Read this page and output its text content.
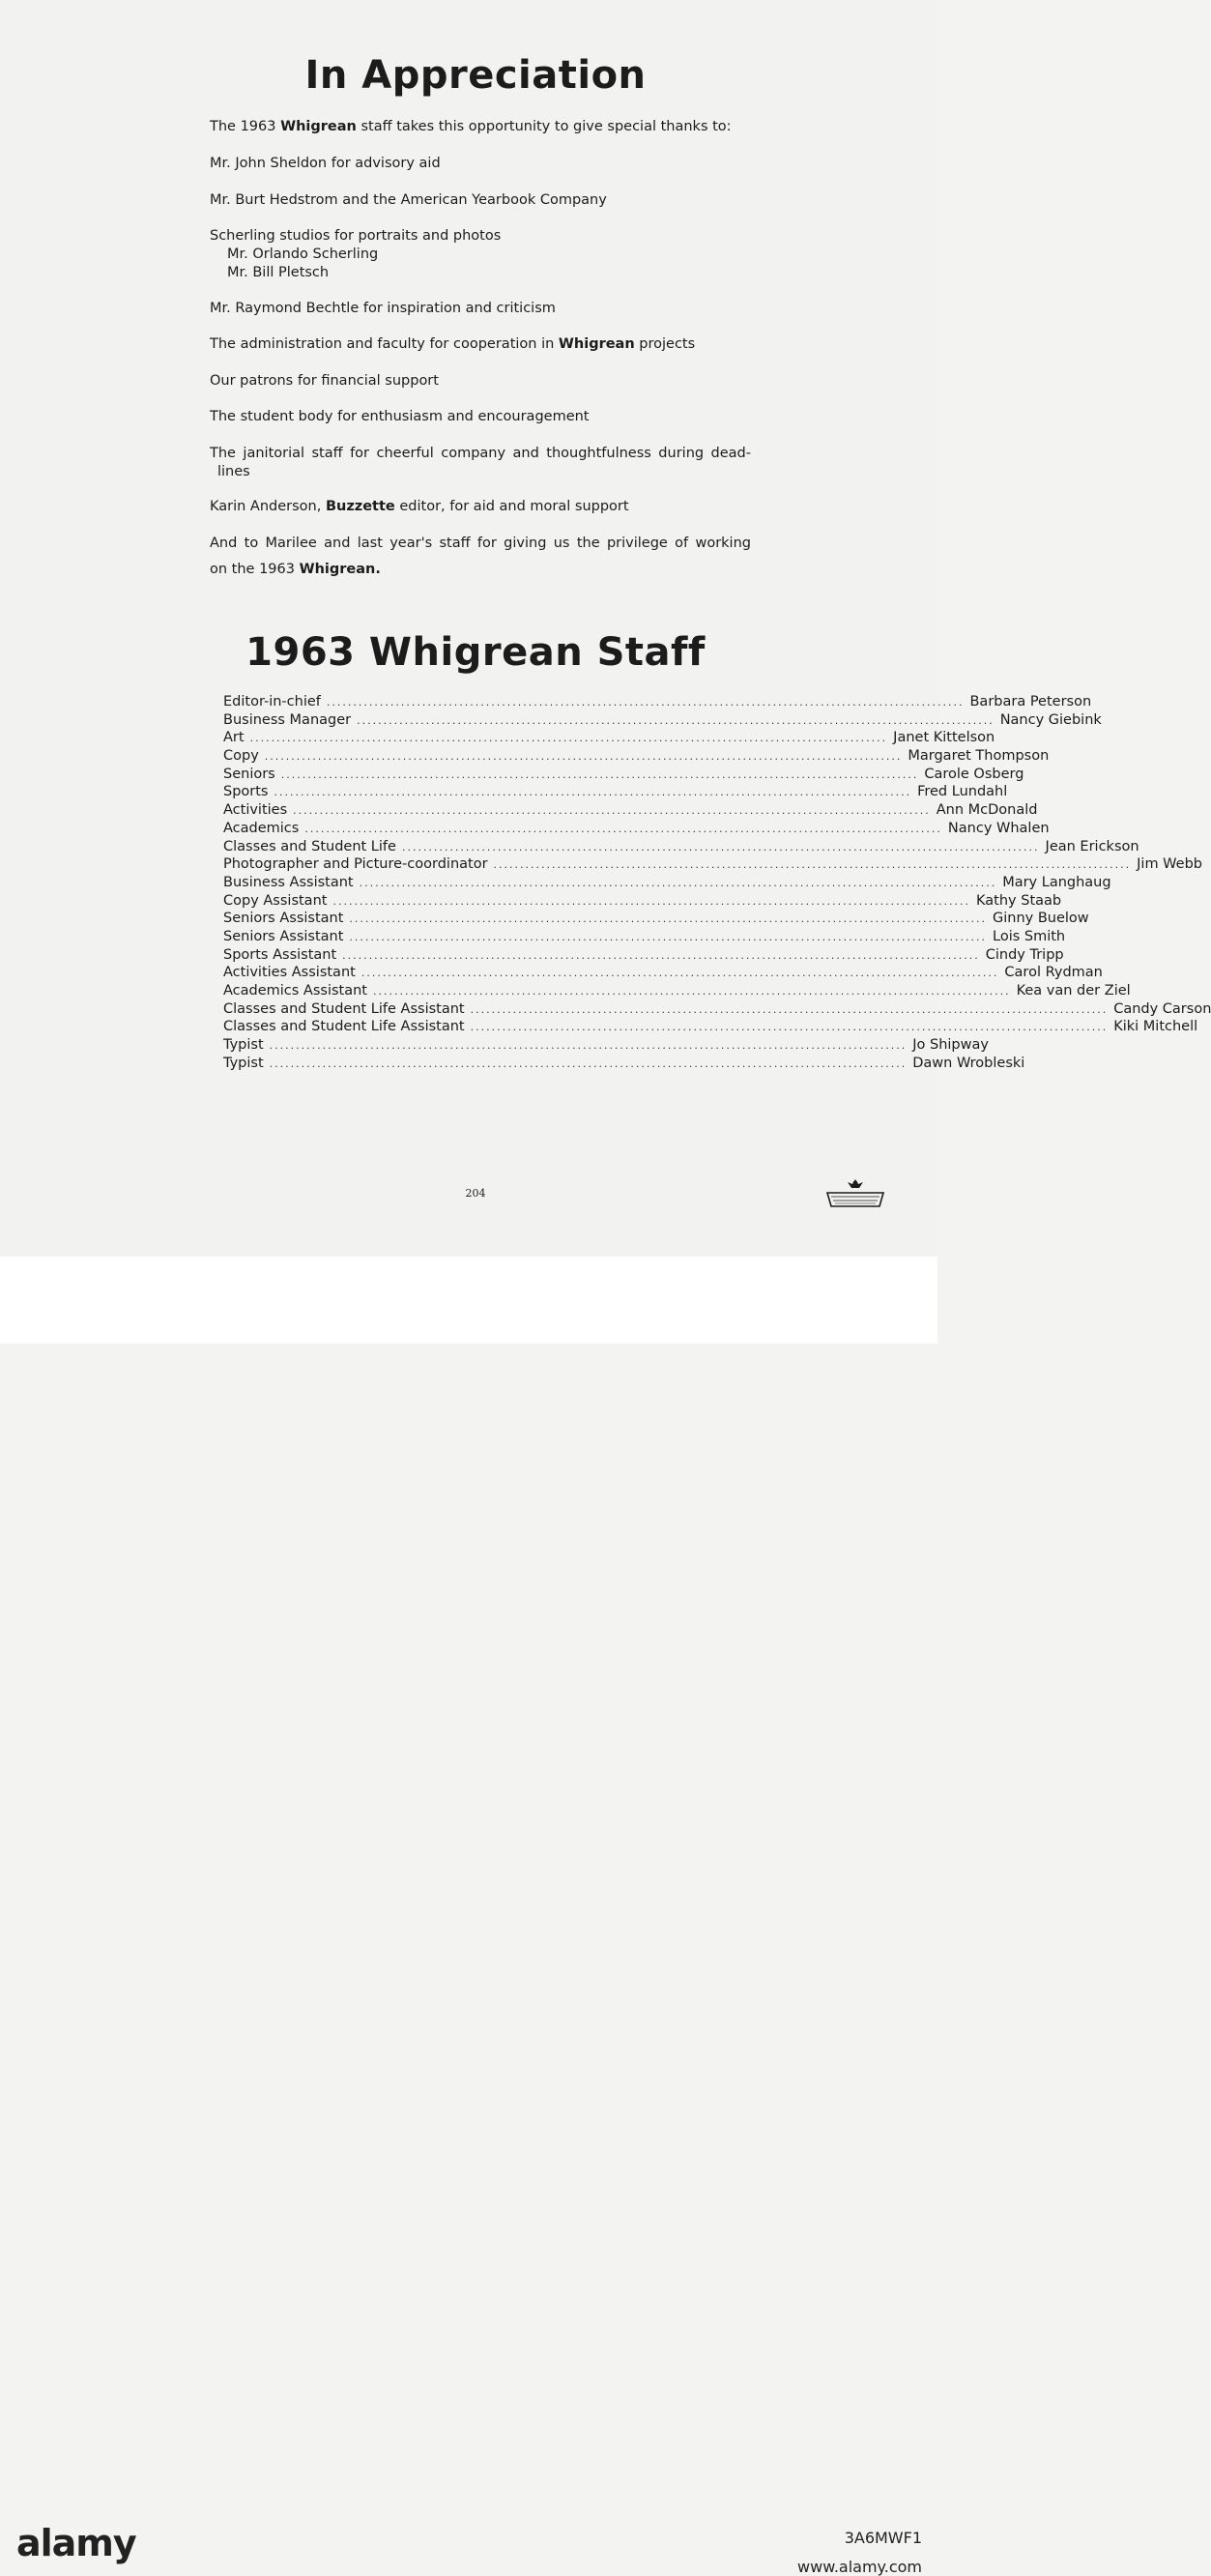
In Appreciation
The 1963 Whigrean staff takes this opportunity to give special thanks to:
Mr. John Sheldon for advisory aid
Mr. Burt Hedstrom and the American Yearbook Company
Scherling studios for portraits and photos
Mr. Orlando Scherling
Mr. Bill Pletsch
Mr. Raymond Bechtle for inspiration and criticism
The administration and faculty for cooperation in Whigrean projects
Our patrons for financial support
The student body for enthusiasm and encouragement
The janitorial staff for cheerful company and thoughtfulness during dead-
lines
Karin Anderson, Buzzette editor, for aid and moral support
And to Marilee and last year's staff for giving us the privilege of working
on the 1963 Whigrean.
1963 Whigrean Staff
Editor-in-chief ........................................................................................................................ Barbara Peterson
Business Manager ........................................................................................................................ Nancy Giebink
Art ........................................................................................................................ Janet Kittelson
Copy ........................................................................................................................ Margaret Thompson
Seniors ........................................................................................................................ Carole Osberg
Sports ........................................................................................................................ Fred Lundahl
Activities ........................................................................................................................ Ann McDonald
Academics ........................................................................................................................ Nancy Whalen
Classes and Student Life ........................................................................................................................ Jean Erickson
Photographer and Picture-coordinator ........................................................................................................................ Jim Webb
Business Assistant ........................................................................................................................ Mary Langhaug
Copy Assistant ........................................................................................................................ Kathy Staab
Seniors Assistant ........................................................................................................................ Ginny Buelow
Seniors Assistant ........................................................................................................................ Lois Smith
Sports Assistant ........................................................................................................................ Cindy Tripp
Activities Assistant ........................................................................................................................ Carol Rydman
Academics Assistant ........................................................................................................................ Kea van der Ziel
Classes and Student Life Assistant ........................................................................................................................ Candy Carson
Classes and Student Life Assistant ........................................................................................................................ Kiki Mitchell
Typist ........................................................................................................................ Jo Shipway
Typist ........................................................................................................................ Dawn Wrobleski
204
alamy	3A6MWF1
www.alamy.com
